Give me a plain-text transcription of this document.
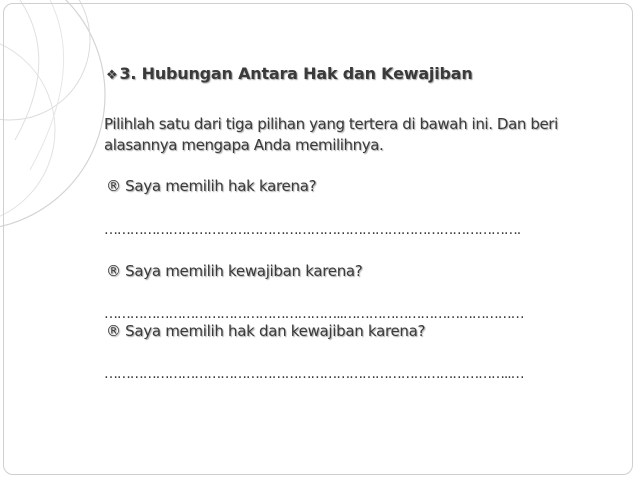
❖ 3. Hubungan Antara Hak dan Kewajiban
Pilihlah satu dari tiga pilihan yang tertera di bawah ini. Dan beri alasannya mengapa Anda memilihnya.
® Saya memilih hak karena?
…………………………………………………………………………………….
® Saya memilih kewajiban karena?
………………………………………………..……………………………………
® Saya memilih hak dan kewajiban karena?
…………………………………………………………………………………..…
